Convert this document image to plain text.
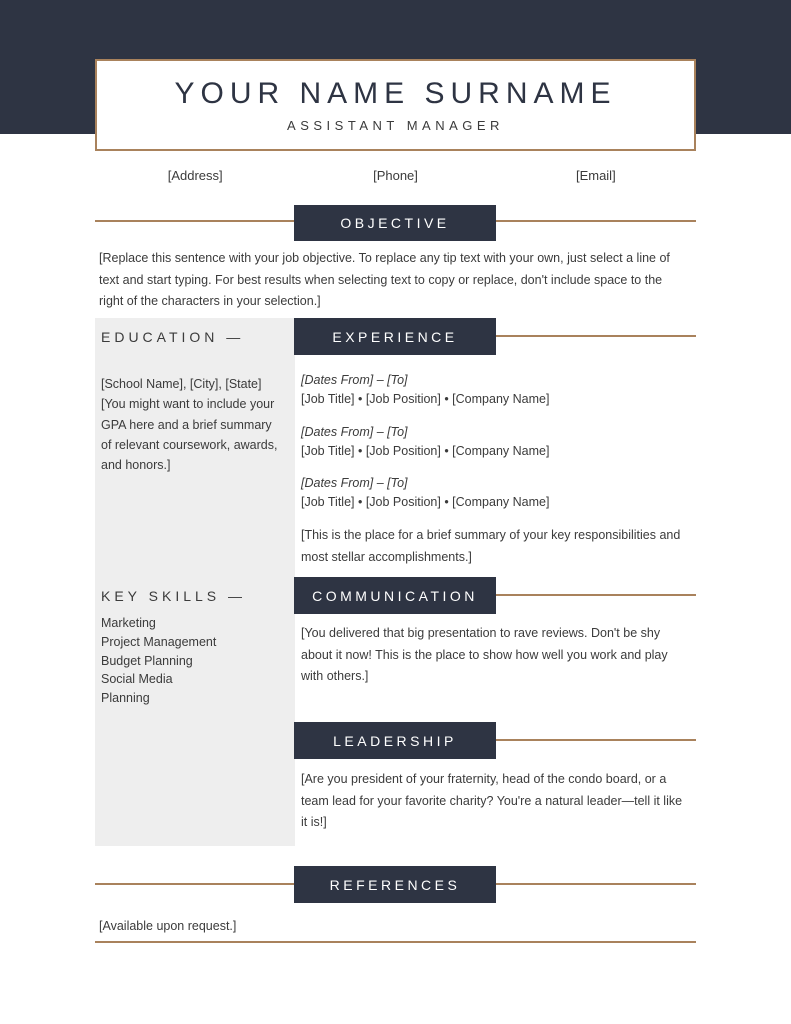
YOUR NAME SURNAME
ASSISTANT MANAGER
[Address]	[Phone]	[Email]
OBJECTIVE
[Replace this sentence with your job objective. To replace any tip text with your own, just select a line of text and start typing. For best results when selecting text to copy or replace, don't include space to the right of the characters in your selection.]
EDUCATION —
[School Name], [City], [State]
[You might want to include your GPA here and a brief summary of relevant coursework, awards, and honors.]
KEY SKILLS —
Marketing
Project Management
Budget Planning
Social Media
Planning
EXPERIENCE
[Dates From] – [To]
[Job Title] • [Job Position] • [Company Name]
[Dates From] – [To]
[Job Title] • [Job Position] • [Company Name]
[Dates From] – [To]
[Job Title] • [Job Position] • [Company Name]
[This is the place for a brief summary of your key responsibilities and most stellar accomplishments.]
COMMUNICATION
[You delivered that big presentation to rave reviews. Don't be shy about it now! This is the place to show how well you work and play with others.]
LEADERSHIP
[Are you president of your fraternity, head of the condo board, or a team lead for your favorite charity? You're a natural leader—tell it like it is!]
REFERENCES
[Available upon request.]
